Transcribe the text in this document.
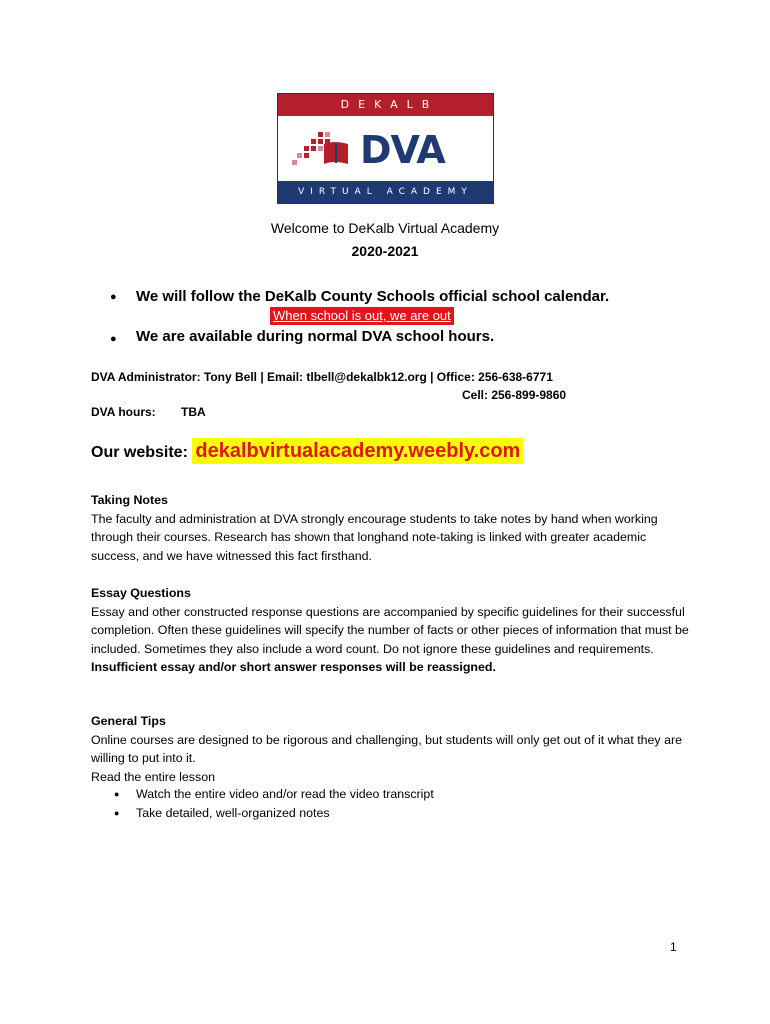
DEKALB
DVA
VIRTUAL ACADEMY
Welcome to DeKalb Virtual Academy
2020-2021
● We will follow the DeKalb County Schools official school calendar.
When school is out, we are out
● We are available during normal DVA school hours.
DVA Administrator: Tony Bell | Email: tlbell@dekalbk12.org | Office: 256-638-6771
Cell: 256-899-9860
DVA hours: TBA
Our website: dekalbvirtualacademy.weebly.com
Taking Notes
The faculty and administration at DVA strongly encourage students to take notes by hand when working through their courses. Research has shown that longhand note-taking is linked with greater academic success, and we have witnessed this fact firsthand.
Essay Questions
Essay and other constructed response questions are accompanied by specific guidelines for their successful completion. Often these guidelines will specify the number of facts or other pieces of information that must be included. Sometimes they also include a word count. Do not ignore these guidelines and requirements. Insufficient essay and/or short answer responses will be reassigned.
General Tips
Online courses are designed to be rigorous and challenging, but students will only get out of it what they are willing to put into it.
Read the entire lesson
● Watch the entire video and/or read the video transcript
● Take detailed, well-organized notes
1
